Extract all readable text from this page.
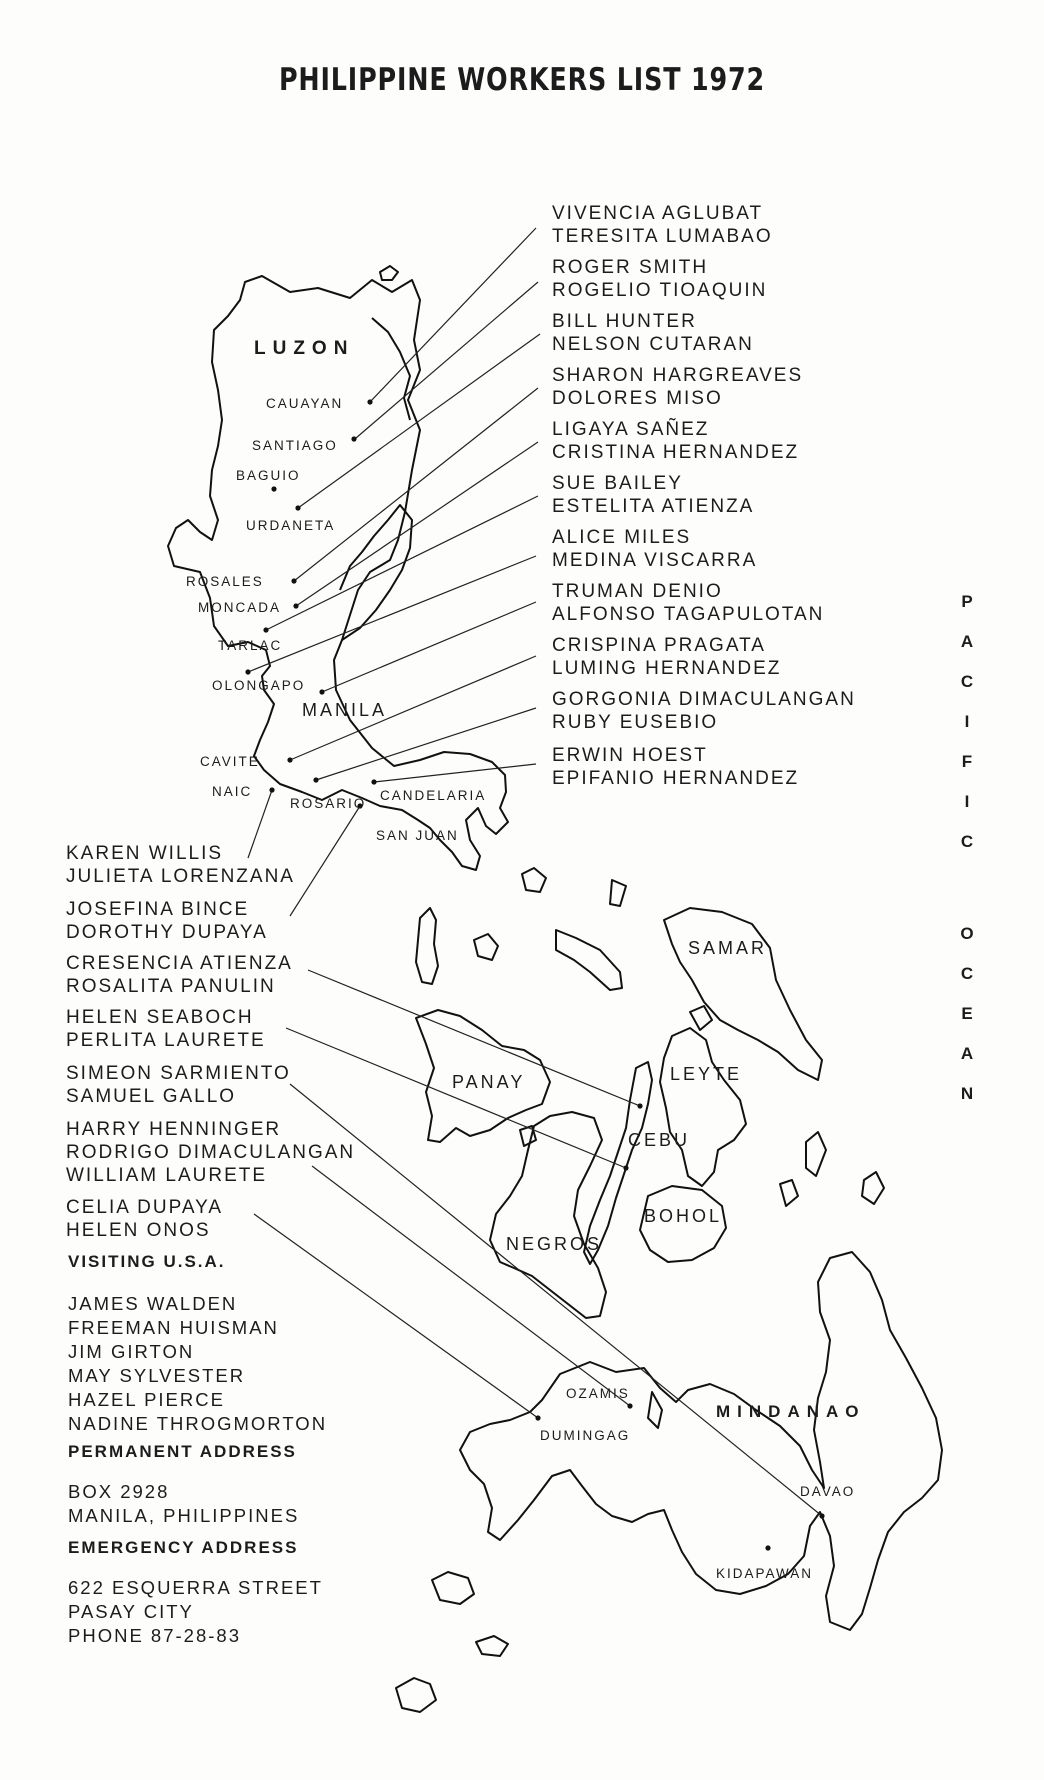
PHILIPPINE WORKERS LIST 1972
VIVENCIA AGLUBAT
TERESITA LUMABAO
ROGER SMITH
ROGELIO TIOAQUIN
BILL HUNTER
NELSON CUTARAN
SHARON HARGREAVES
DOLORES MISO
LIGAYA SAÑEZ
CRISTINA HERNANDEZ
SUE BAILEY
ESTELITA ATIENZA
ALICE MILES
MEDINA VISCARRA
TRUMAN DENIO
ALFONSO TAGAPULOTAN
CRISPINA PRAGATA
LUMING HERNANDEZ
GORGONIA DIMACULANGAN
RUBY EUSEBIO
ERWIN HOEST
EPIFANIO HERNANDEZ
KAREN WILLIS
JULIETA LORENZANA
JOSEFINA BINCE
DOROTHY DUPAYA
CRESENCIA ATIENZA
ROSALITA PANULIN
HELEN SEABOCH
PERLITA LAURETE
SIMEON SARMIENTO
SAMUEL GALLO
HARRY HENNINGER
RODRIGO DIMACULANGAN
WILLIAM LAURETE
CELIA DUPAYA
HELEN ONOS
VISITING U.S.A.
JAMES WALDEN
FREEMAN HUISMAN
JIM GIRTON
MAY SYLVESTER
HAZEL PIERCE
NADINE THROGMORTON
PERMANENT ADDRESS
BOX 2928
MANILA, PHILIPPINES
EMERGENCY ADDRESS
622 ESQUERRA STREET
PASAY CITY
PHONE 87-28-83
LUZON
CAUAYAN
SANTIAGO
BAGUIO
URDANETA
ROSALES
MONCADA
TARLAC
OLONGAPO
MANILA
CAVITE
NAIC
ROSARIO
CANDELARIA
SAN JUAN
SAMAR
PANAY	LEYTE
CEBU
BOHOL
NEGROS
OZAMIS
DUMINGAG
MINDANAO
DAVAO
KIDAPAWAN
P
A
C
I
F
I
C
O
C
E
A
N
